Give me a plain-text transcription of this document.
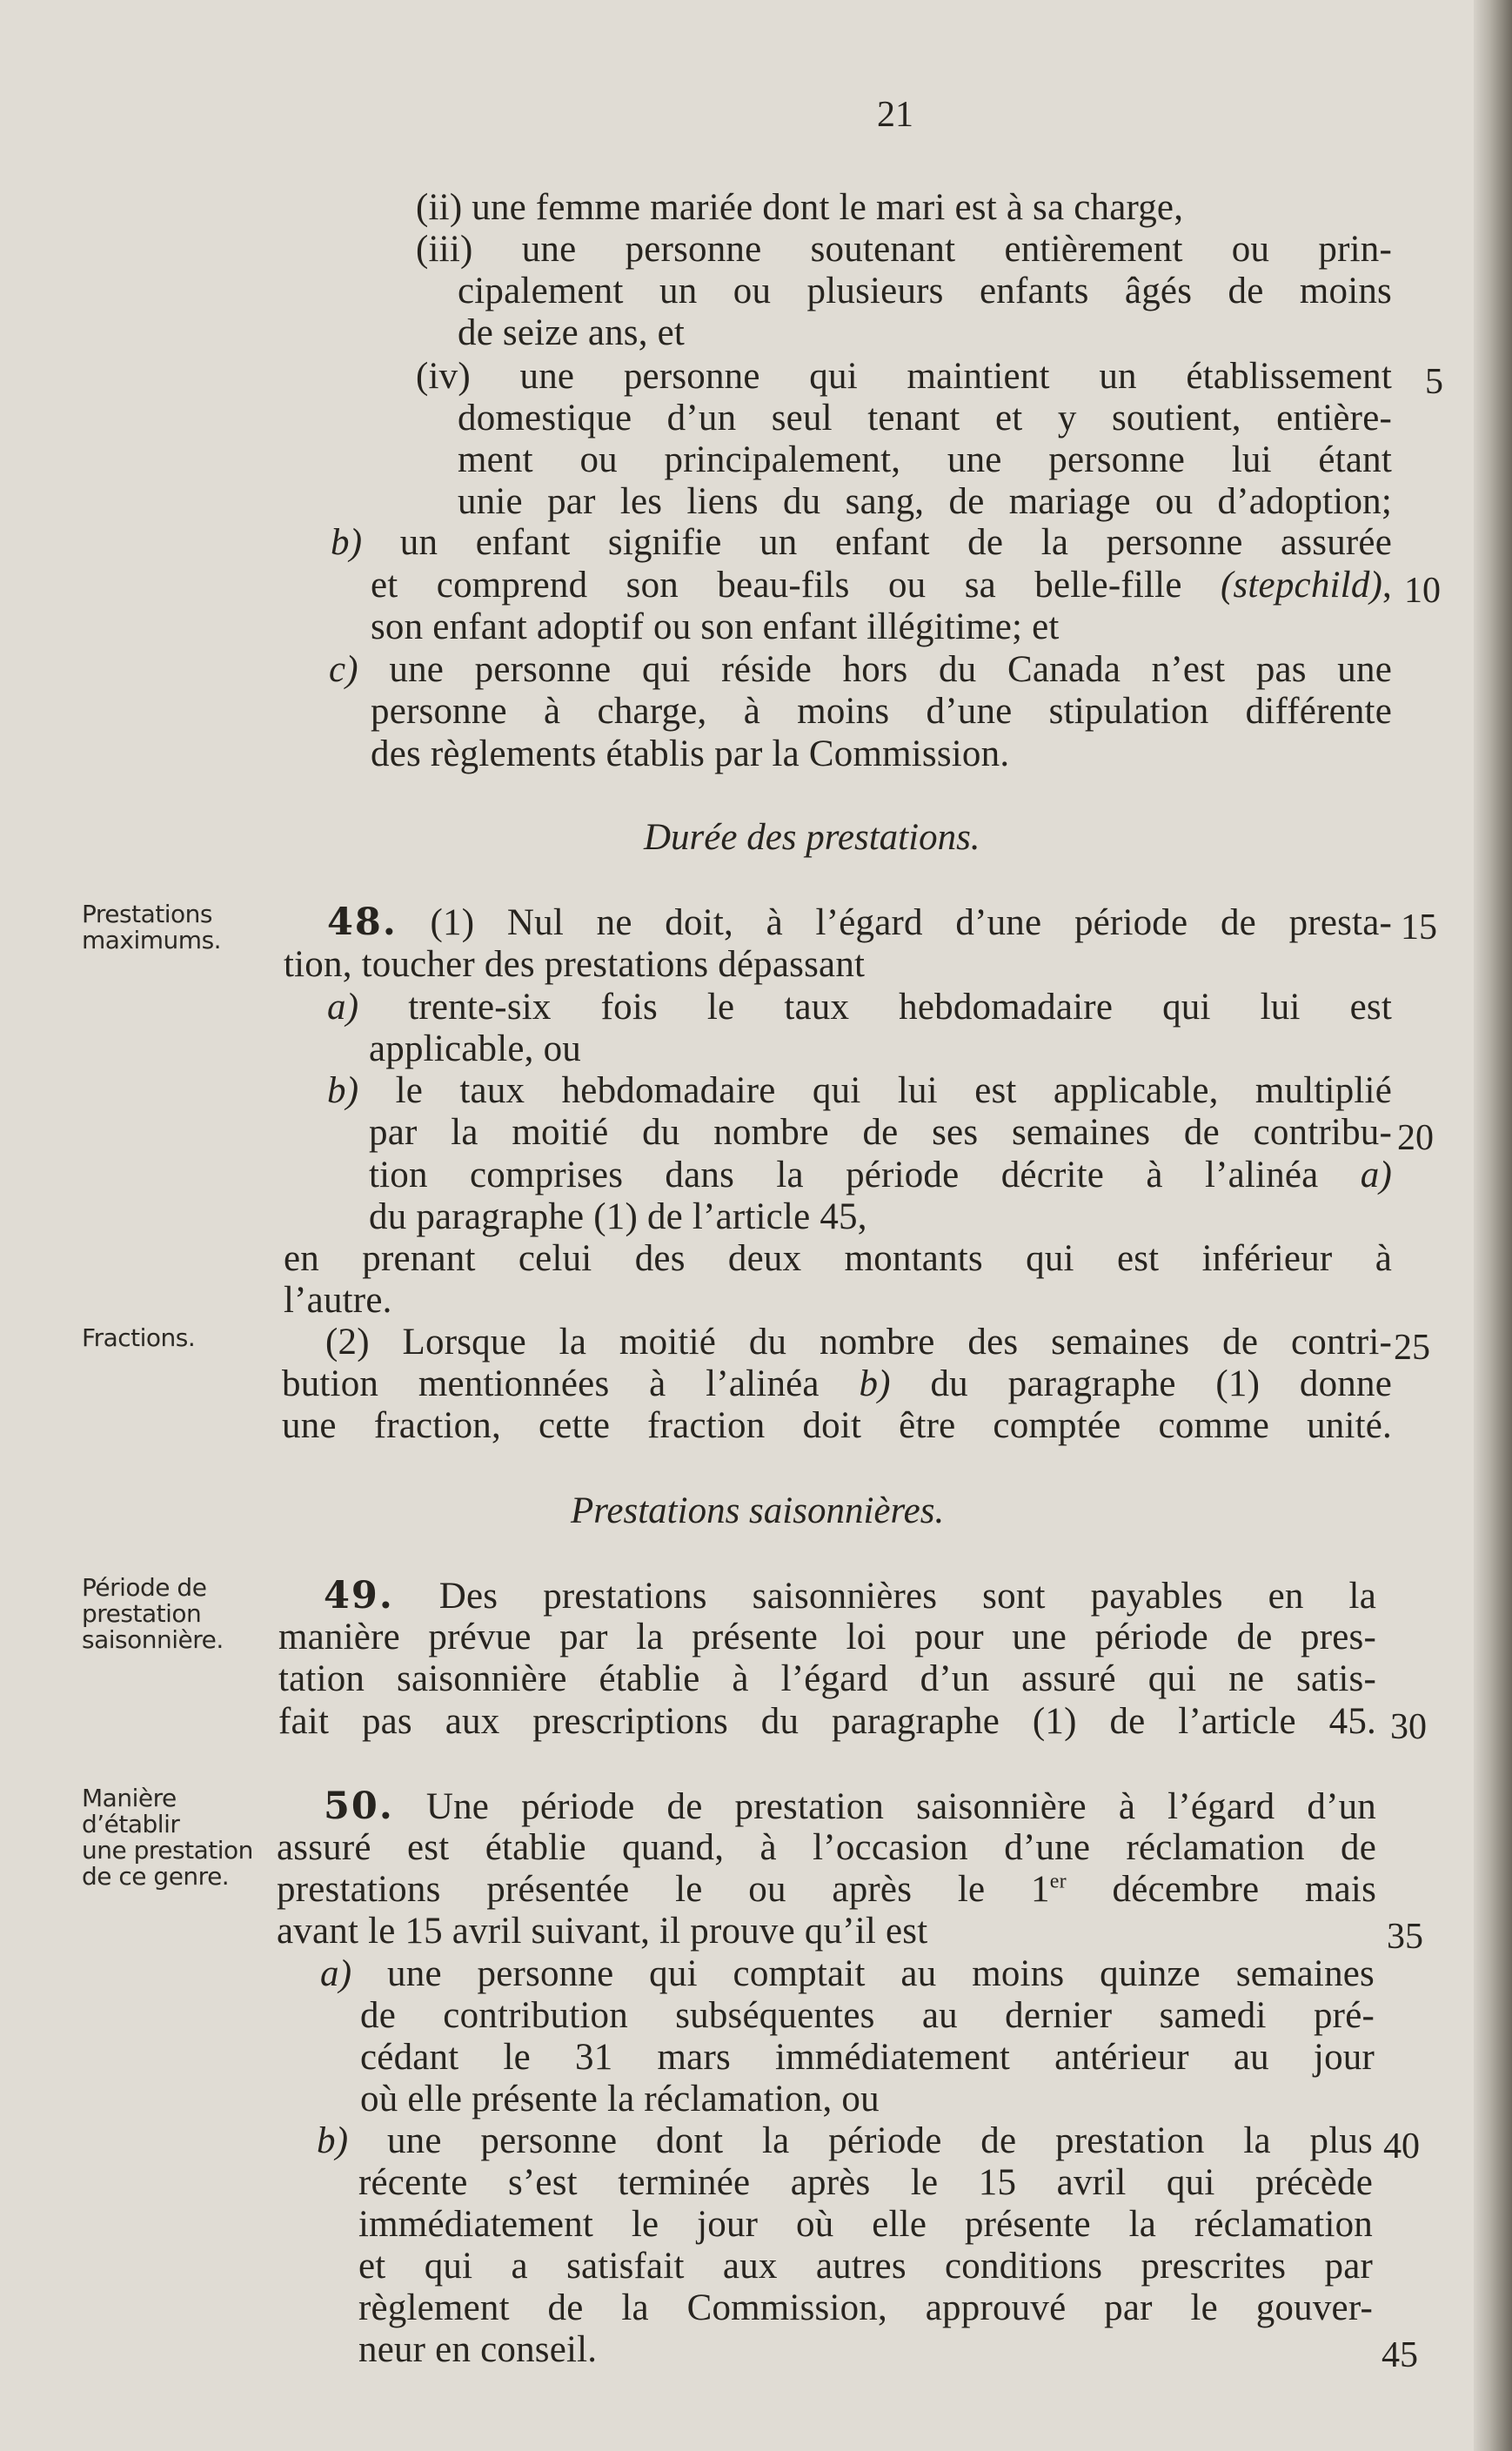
21
(ii) une femme mariée dont le mari est à sa charge,
(iii) une personne soutenant entièrement ou prin-
cipalement un ou plusieurs enfants âgés de moins
de seize ans, et
(iv) une personne qui maintient un établissement
domestique d’un seul tenant et y soutient, entière-
ment ou principalement, une personne lui étant
unie par les liens du sang, de mariage ou d’adoption;
b) un enfant signifie un enfant de la personne assurée
et comprend son beau-fils ou sa belle-fille (stepchild),
son enfant adoptif ou son enfant illégitime; et
c) une personne qui réside hors du Canada n’est pas une
personne à charge, à moins d’une stipulation différente
des règlements établis par la Commission.
Durée des prestations.
48. (1) Nul ne doit, à l’égard d’une période de presta-
tion, toucher des prestations dépassant
a) trente-six fois le taux hebdomadaire qui lui est
applicable, ou
b) le taux hebdomadaire qui lui est applicable, multiplié
par la moitié du nombre de ses semaines de contribu-
tion comprises dans la période décrite à l’alinéa a)
du paragraphe (1) de l’article 45,
en prenant celui des deux montants qui est inférieur à
l’autre.
(2) Lorsque la moitié du nombre des semaines de contri-
bution mentionnées à l’alinéa b) du paragraphe (1) donne
une fraction, cette fraction doit être comptée comme unité.
Prestations saisonnières.
49. Des prestations saisonnières sont payables en la
manière prévue par la présente loi pour une période de pres-
tation saisonnière établie à l’égard d’un assuré qui ne satis-
fait pas aux prescriptions du paragraphe (1) de l’article 45.
50. Une période de prestation saisonnière à l’égard d’un
assuré est établie quand, à l’occasion d’une réclamation de
prestations présentée le ou après le 1er décembre mais
avant le 15 avril suivant, il prouve qu’il est
a) une personne qui comptait au moins quinze semaines
de contribution subséquentes au dernier samedi pré-
cédant le 31 mars immédiatement antérieur au jour
où elle présente la réclamation, ou
b) une personne dont la période de prestation la plus
récente s’est terminée après le 15 avril qui précède
immédiatement le jour où elle présente la réclamation
et qui a satisfait aux autres conditions prescrites par
règlement de la Commission, approuvé par le gouver-
neur en conseil.
Prestations
maximums.
Fractions.
Période de
prestation
saisonnière.
Manière
d’établir
une prestation
de ce genre.
5
10
15
20
25
30
35
40
45
